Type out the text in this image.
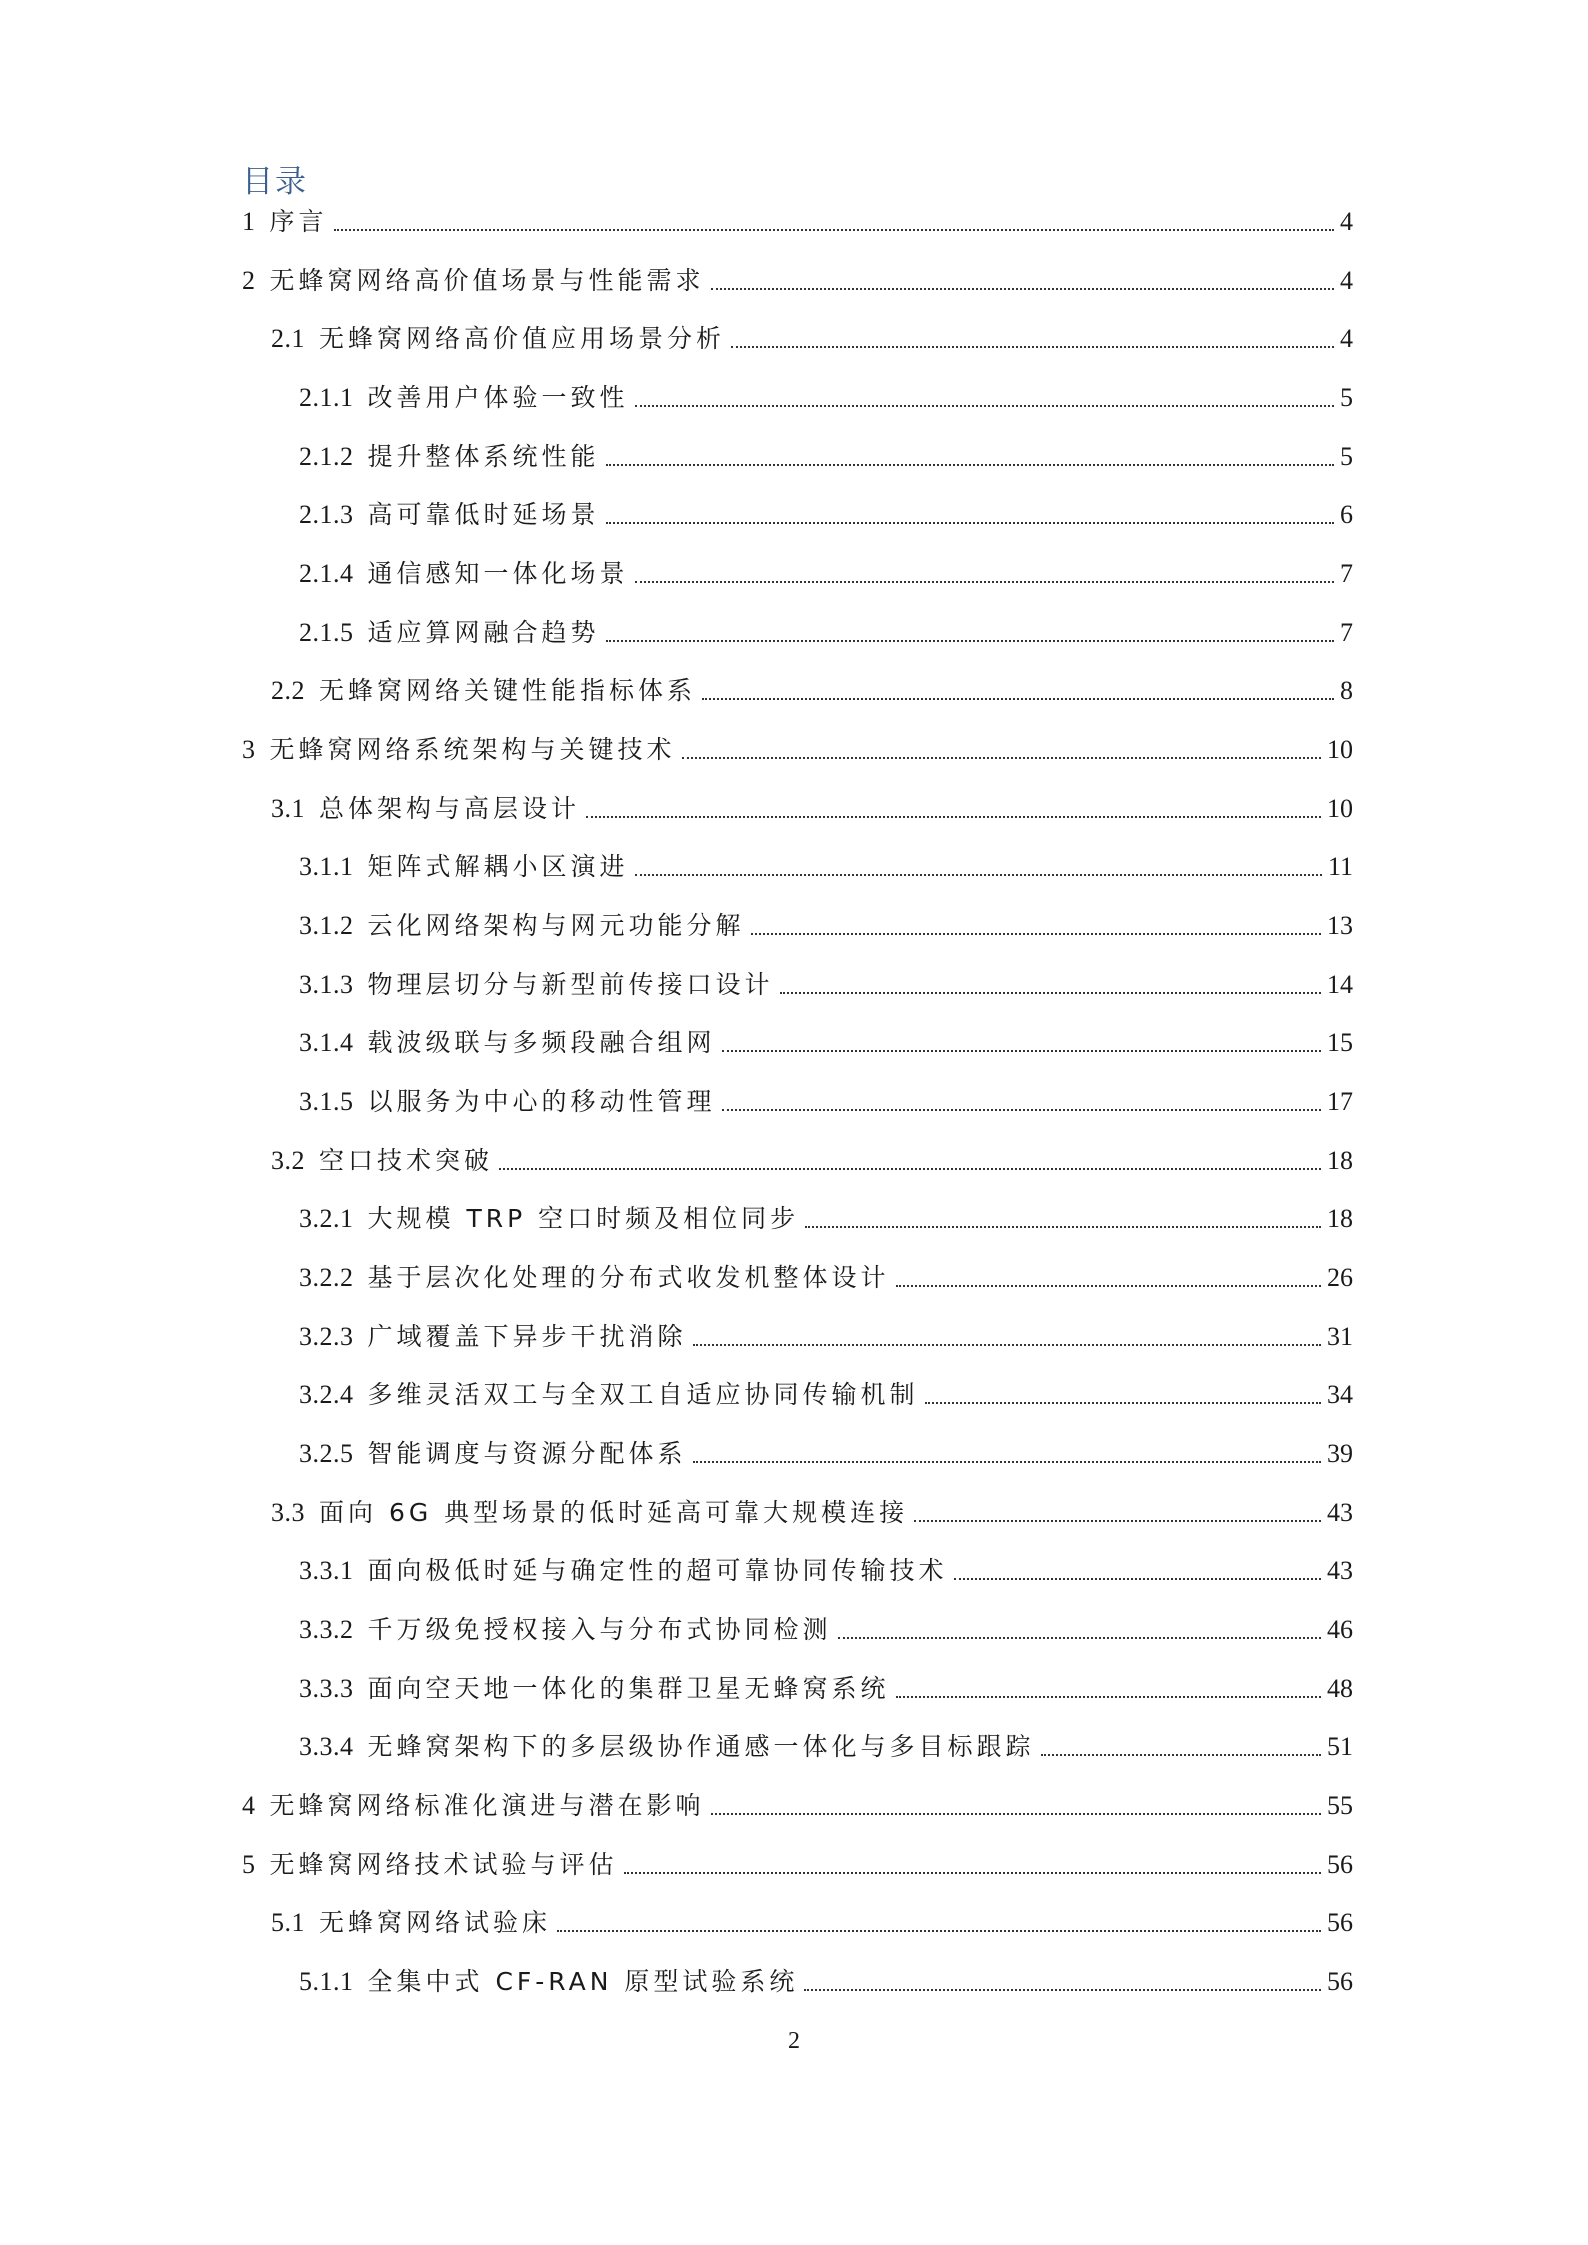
目录
1 序言	4
2 无蜂窝网络高价值场景与性能需求	4
2.1 无蜂窝网络高价值应用场景分析	4
2.1.1 改善用户体验一致性	5
2.1.2 提升整体系统性能	5
2.1.3 高可靠低时延场景	6
2.1.4 通信感知一体化场景	7
2.1.5 适应算网融合趋势	7
2.2 无蜂窝网络关键性能指标体系	8
3 无蜂窝网络系统架构与关键技术	10
3.1 总体架构与高层设计	10
3.1.1 矩阵式解耦小区演进	11
3.1.2 云化网络架构与网元功能分解	13
3.1.3 物理层切分与新型前传接口设计	14
3.1.4 载波级联与多频段融合组网	15
3.1.5 以服务为中心的移动性管理	17
3.2 空口技术突破	18
3.2.1 大规模 TRP 空口时频及相位同步	18
3.2.2 基于层次化处理的分布式收发机整体设计	26
3.2.3 广域覆盖下异步干扰消除	31
3.2.4 多维灵活双工与全双工自适应协同传输机制	34
3.2.5 智能调度与资源分配体系	39
3.3 面向 6G 典型场景的低时延高可靠大规模连接	43
3.3.1 面向极低时延与确定性的超可靠协同传输技术	43
3.3.2 千万级免授权接入与分布式协同检测	46
3.3.3 面向空天地一体化的集群卫星无蜂窝系统	48
3.3.4 无蜂窝架构下的多层级协作通感一体化与多目标跟踪	51
4 无蜂窝网络标准化演进与潜在影响	55
5 无蜂窝网络技术试验与评估	56
5.1 无蜂窝网络试验床	56
5.1.1 全集中式 CF-RAN 原型试验系统	56
2
